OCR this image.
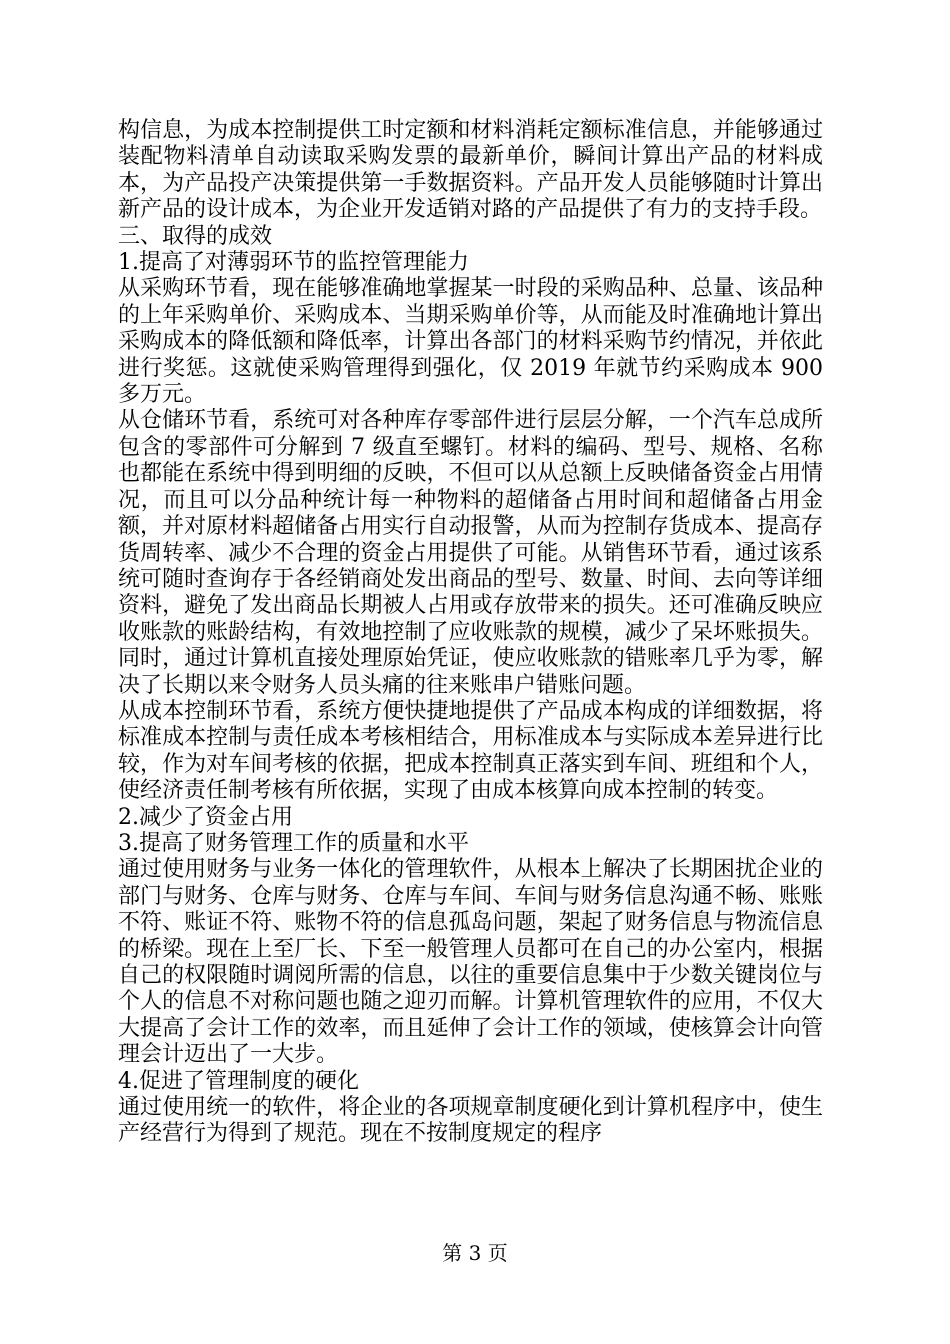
构信息，为成本控制提供工时定额和材料消耗定额标准信息，并能够通过装配物料清单自动读取采购发票的最新单价，瞬间计算出产品的材料成本，为产品投产决策提供第一手数据资料。产品开发人员能够随时计算出新产品的设计成本，为企业开发适销对路的产品提供了有力的支持手段。

三、取得的成效

1.提高了对薄弱环节的监控管理能力

从采购环节看，现在能够准确地掌握某一时段的采购品种、总量、该品种的上年采购单价、采购成本、当期采购单价等，从而能及时准确地计算出采购成本的降低额和降低率，计算出各部门的材料采购节约情况，并依此进行奖惩。这就使采购管理得到强化，仅 2019 年就节约采购成本 900 多万元。

从仓储环节看，系统可对各种库存零部件进行层层分解，一个汽车总成所包含的零部件可分解到 7 级直至螺钉。材料的编码、型号、规格、名称也都能在系统中得到明细的反映，不但可以从总额上反映储备资金占用情况，而且可以分品种统计每一种物料的超储备占用时间和超储备占用金额，并对原材料超储备占用实行自动报警，从而为控制存货成本、提高存货周转率、减少不合理的资金占用提供了可能。从销售环节看，通过该系统可随时查询存于各经销商处发出商品的型号、数量、时间、去向等详细资料，避免了发出商品长期被人占用或存放带来的损失。还可准确反映应收账款的账龄结构，有效地控制了应收账款的规模，减少了呆坏账损失。同时，通过计算机直接处理原始凭证，使应收账款的错账率几乎为零，解决了长期以来令财务人员头痛的往来账串户错账问题。

从成本控制环节看，系统方便快捷地提供了产品成本构成的详细数据，将标准成本控制与责任成本考核相结合，用标准成本与实际成本差异进行比较，作为对车间考核的依据，把成本控制真正落实到车间、班组和个人，使经济责任制考核有所依据，实现了由成本核算向成本控制的转变。

2.减少了资金占用

3.提高了财务管理工作的质量和水平

通过使用财务与业务一体化的管理软件，从根本上解决了长期困扰企业的部门与财务、仓库与财务、仓库与车间、车间与财务信息沟通不畅、账账不符、账证不符、账物不符的信息孤岛问题，架起了财务信息与物流信息的桥梁。现在上至厂长、下至一般管理人员都可在自己的办公室内，根据自己的权限随时调阅所需的信息，以往的重要信息集中于少数关键岗位与个人的信息不对称问题也随之迎刃而解。计算机管理软件的应用，不仅大大提高了会计工作的效率，而且延伸了会计工作的领域，使核算会计向管理会计迈出了一大步。

4.促进了管理制度的硬化

通过使用统一的软件，将企业的各项规章制度硬化到计算机程序中，使生产经营行为得到了规范。现在不按制度规定的程序

第 3 页
